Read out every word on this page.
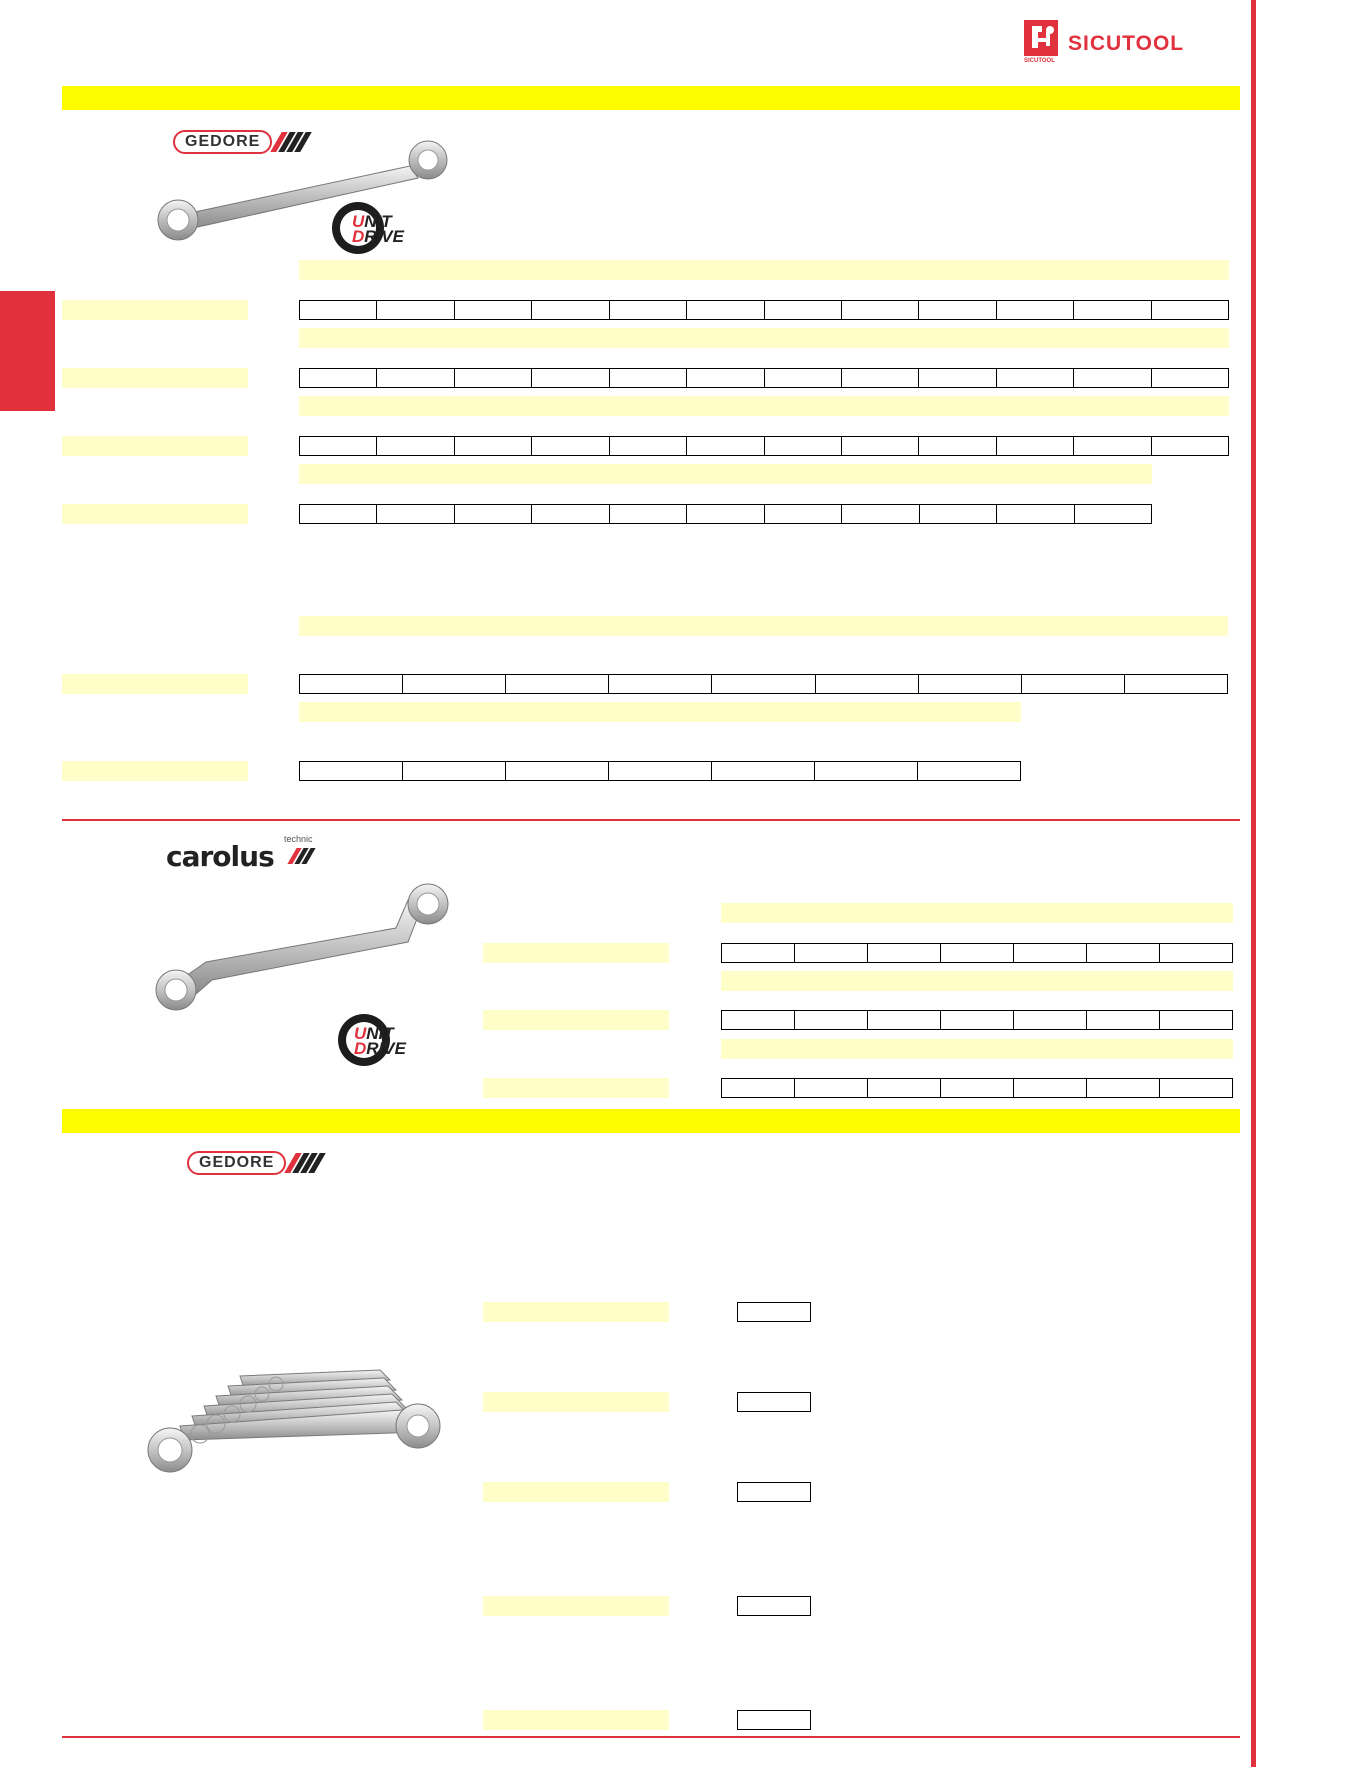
SICUTOOL
SICUTOOL
GEDORE
UNIT
DRIVE
carolus
technic
UNIT
DRIVE
GEDORE
